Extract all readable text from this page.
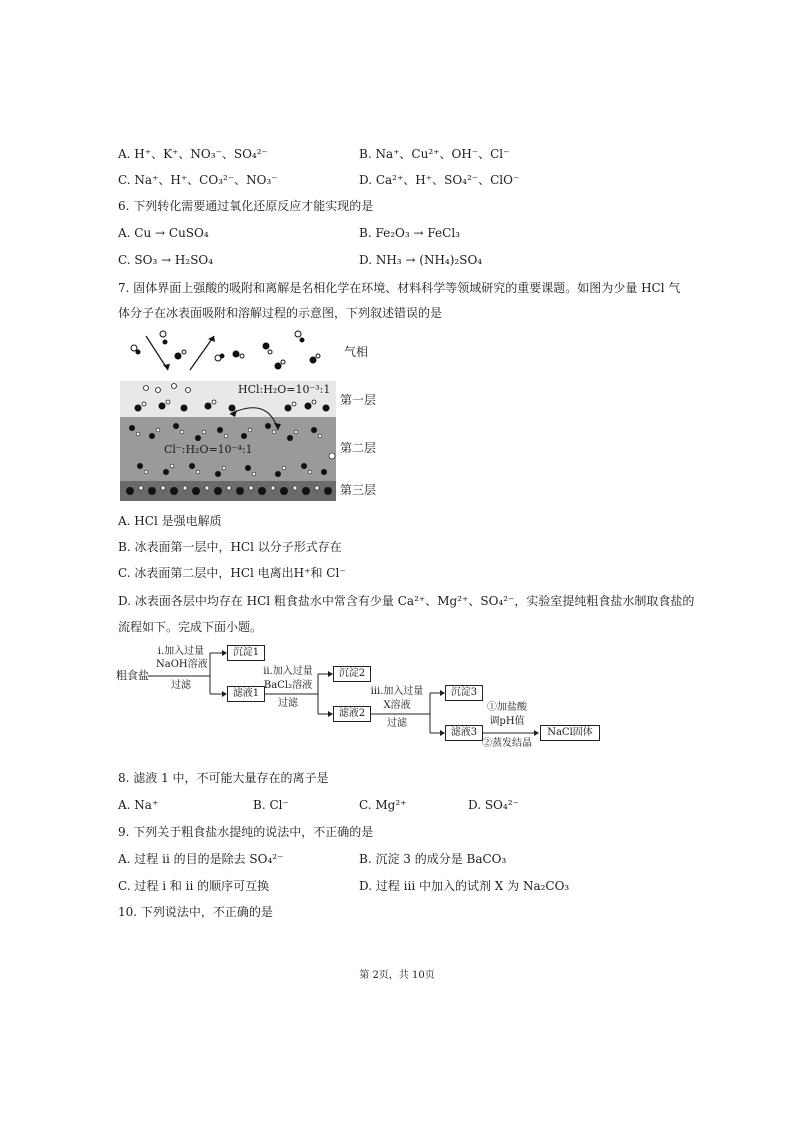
A. H⁺、K⁺、NO₃⁻、SO₄²⁻	B. Na⁺、Cu²⁺、OH⁻、Cl⁻
C. Na⁺、H⁺、CO₃²⁻、NO₃⁻	D. Ca²⁺、H⁺、SO₄²⁻、ClO⁻
6. 下列转化需要通过氧化还原反应才能实现的是
A. Cu → CuSO₄	B. Fe₂O₃ → FeCl₃
C. SO₃ → H₂SO₄	D. NH₃ → (NH₄)₂SO₄
7. 固体界面上强酸的吸附和离解是名相化学在环境、材料科学等领域研究的重要课题。如图为少量 HCl 气
体分子在冰表面吸附和溶解过程的示意图，下列叙述错误的是
HCl:H₂O=10⁻³:1
Cl⁻:H₂O=10⁻⁴:1
气相
第一层
第二层
第三层
A. HCl 是强电解质
B. 冰表面第一层中，HCl 以分子形式存在
C. 冰表面第二层中，HCl 电离出H⁺和 Cl⁻
D. 冰表面各层中均存在 HCl 粗食盐水中常含有少量 Ca²⁺、Mg²⁺、SO₄²⁻，实验室提纯粗食盐水制取食盐的
流程如下。完成下面小题。
粗食盐
i.加入过量
NaOH溶液
过滤
沉淀1
滤液1
ii.加入过量
BaCl₂溶液
过滤
沉淀2
滤液2
iii.加入过量
X溶液
过滤
沉淀3
滤液3
①加盐酸
调pH值
②蒸发结晶
NaCl固体
8. 滤液 1 中，不可能大量存在的离子是
A. Na⁺	B. Cl⁻	C. Mg²⁺	D. SO₄²⁻
9. 下列关于粗食盐水提纯的说法中，不正确的是
A. 过程 ii 的目的是除去 SO₄²⁻	B. 沉淀 3 的成分是 BaCO₃
C. 过程 i 和 ii 的顺序可互换	D. 过程 iii 中加入的试剂 X 为 Na₂CO₃
10. 下列说法中，不正确的是
第 2页，共 10页
